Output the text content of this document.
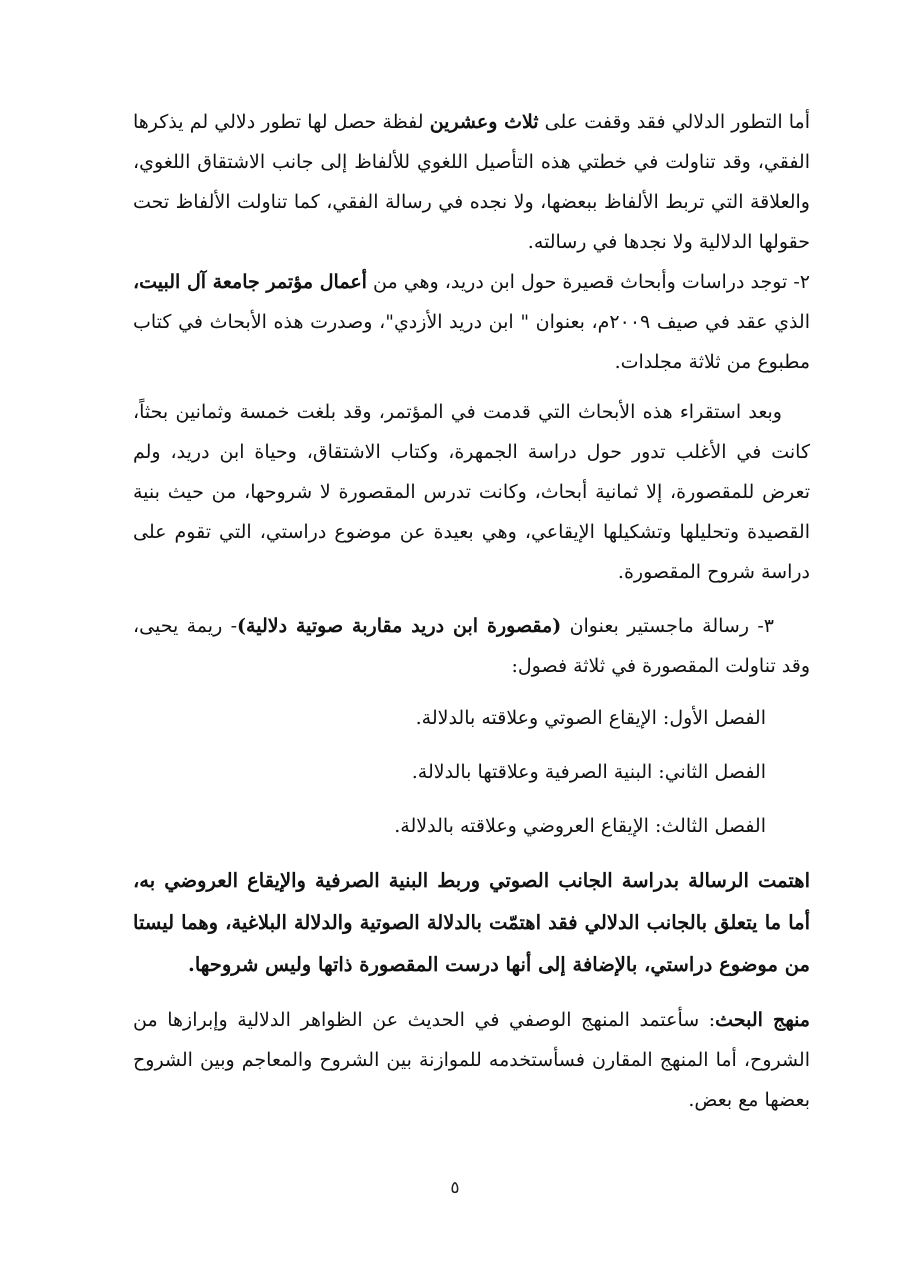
أما التطور الدلالي فقد وقفت على ثلاث وعشرين لفظة حصل لها تطور دلالي لم يذكرها الفقي، وقد تناولت في خطتي هذه التأصيل اللغوي للألفاظ إلى جانب الاشتقاق اللغوي، والعلاقة التي تربط الألفاظ ببعضها، ولا نجده في رسالة الفقي، كما تناولت الألفاظ تحت حقولها الدلالية ولا نجدها في رسالته.

٢- توجد دراسات وأبحاث قصيرة حول ابن دريد، وهي من أعمال مؤتمر جامعة آل البيت، الذي عقد في صيف ٢٠٠٩م، بعنوان " ابن دريد الأزدي"، وصدرت هذه الأبحاث في كتاب مطبوع من ثلاثة مجلدات.

وبعد استقراء هذه الأبحاث التي قدمت في المؤتمر، وقد بلغت خمسة وثمانين بحثاً، كانت في الأغلب تدور حول دراسة الجمهرة، وكتاب الاشتقاق، وحياة ابن دريد، ولم تعرض للمقصورة، إلا ثمانية أبحاث، وكانت تدرس المقصورة لا شروحها، من حيث بنية القصيدة وتحليلها وتشكيلها الإيقاعي، وهي بعيدة عن موضوع دراستي، التي تقوم على دراسة شروح المقصورة.

٣- رسالة ماجستير بعنوان (مقصورة ابن دريد مقاربة صوتية دلالية)- ريمة يحيى، وقد تناولت المقصورة في ثلاثة فصول:

الفصل الأول: الإيقاع الصوتي وعلاقته بالدلالة.

الفصل الثاني: البنية الصرفية وعلاقتها بالدلالة.

الفصل الثالث: الإيقاع العروضي وعلاقته بالدلالة.

اهتمت الرسالة بدراسة الجانب الصوتي وربط البنية الصرفية والإيقاع العروضي به، أما ما يتعلق بالجانب الدلالي فقد اهتمّت بالدلالة الصوتية والدلالة البلاغية، وهما ليستا من موضوع دراستي، بالإضافة إلى أنها درست المقصورة ذاتها وليس شروحها.

منهج البحث: سأعتمد المنهج الوصفي في الحديث عن الظواهر الدلالية وإبرازها من الشروح، أما المنهج المقارن فسأستخدمه للموازنة بين الشروح والمعاجم وبين الشروح بعضها مع بعض.

٥
